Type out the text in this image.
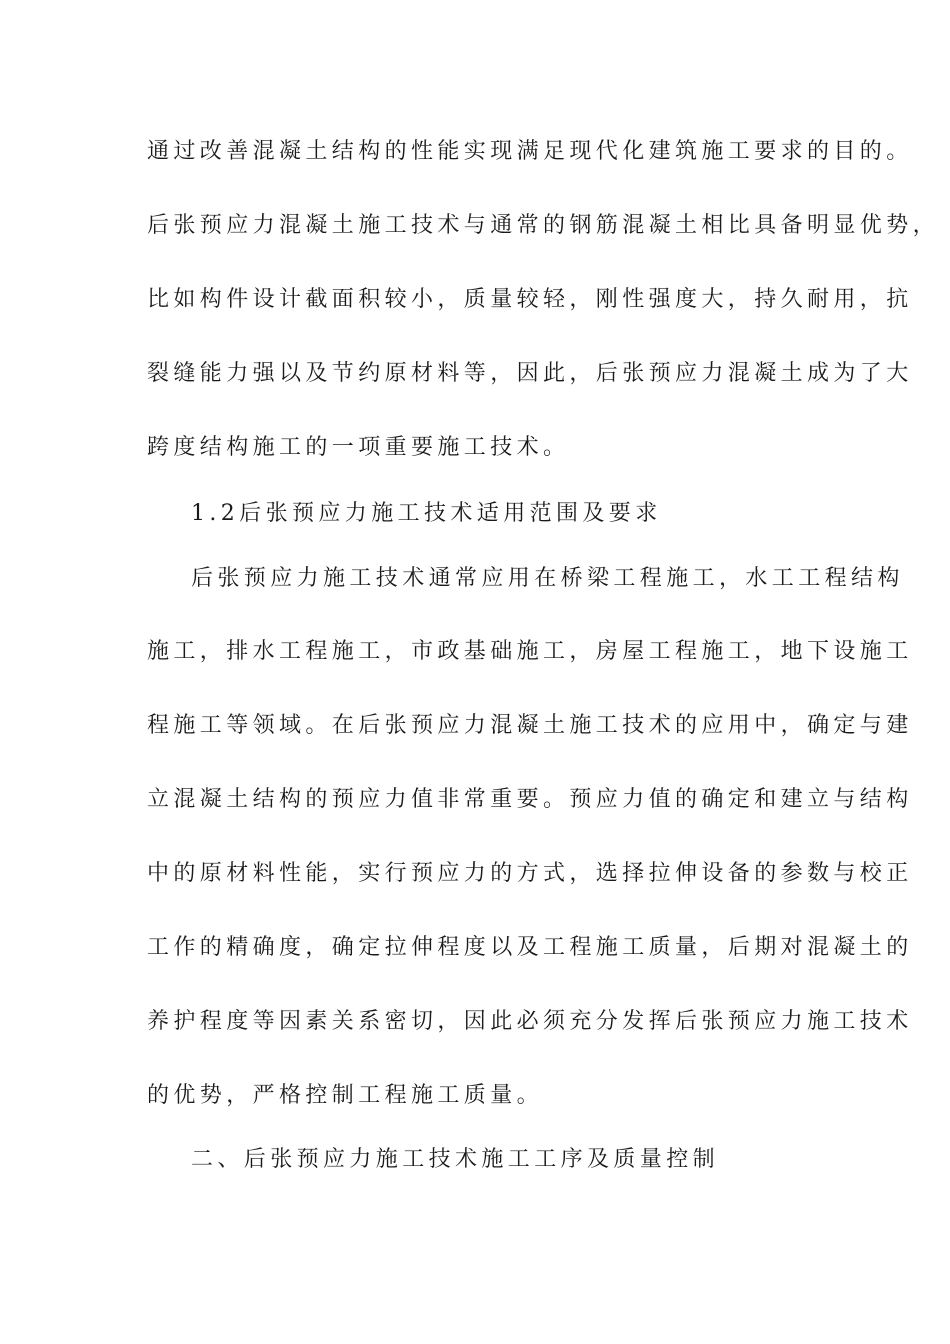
通过改善混凝土结构的性能实现满足现代化建筑施工要求的目的。
后张预应力混凝土施工技术与通常的钢筋混凝土相比具备明显优势，
比如构件设计截面积较小，质量较轻，刚性强度大，持久耐用，抗
裂缝能力强以及节约原材料等，因此，后张预应力混凝土成为了大
跨度结构施工的一项重要施工技术。
1.2后张预应力施工技术适用范围及要求
后张预应力施工技术通常应用在桥梁工程施工，水工工程结构
施工，排水工程施工，市政基础施工，房屋工程施工，地下设施工
程施工等领域。在后张预应力混凝土施工技术的应用中，确定与建
立混凝土结构的预应力值非常重要。预应力值的确定和建立与结构
中的原材料性能，实行预应力的方式，选择拉伸设备的参数与校正
工作的精确度，确定拉伸程度以及工程施工质量，后期对混凝土的
养护程度等因素关系密切，因此必须充分发挥后张预应力施工技术
的优势，严格控制工程施工质量。
二、后张预应力施工技术施工工序及质量控制
